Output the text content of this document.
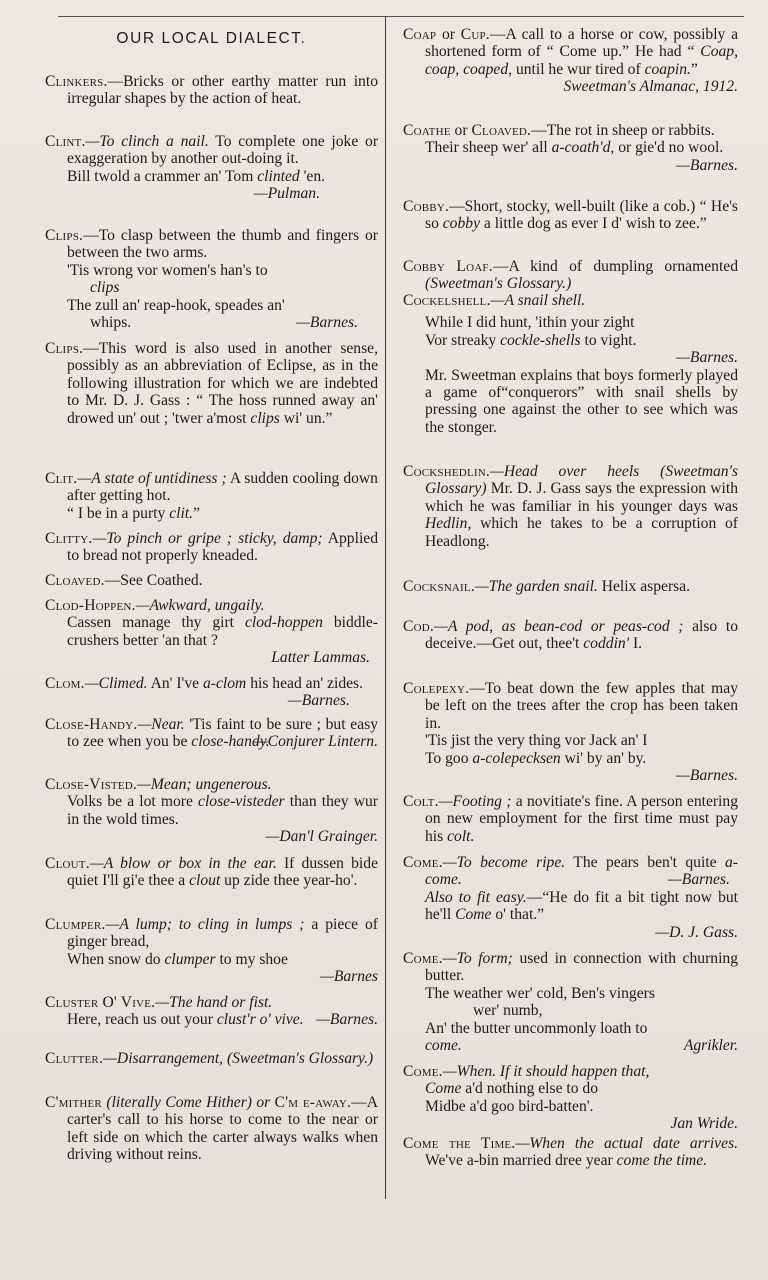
OUR LOCAL DIALECT.

Clinkers.—Bricks or other earthy matter run into irregular shapes by the action of heat.

Clint.—To clinch a nail. To complete one joke or exaggeration by another out-doing it.

Bill twold a crammer an' Tom clinted 'en.
—Pulman.

Clips.—To clasp between the thumb and fingers or between the two arms.

'Tis wrong vor women's han's to

clips

The zull an' reap-hook, speades an'

whips.	—Barnes.

Clips.—This word is also used in another sense, possibly as an abbreviation of Eclipse, as in the following illustration for which we are indebted to Mr. D. J. Gass : “ The hoss runned away an' drowed un' out ; 'twer a'most clips wi' un.”

Clit.—A state of untidiness ; A sudden cooling down after getting hot.

“ I be in a purty clit.”

Clitty.—To pinch or gripe ; sticky, damp; Applied to bread not properly kneaded.

Cloaved.—See Coathed.

Clod-Hoppen.—Awkward, ungaily.

Cassen manage thy girt clod-hoppen biddle-crushers better 'an that ?

Latter Lammas.

Clom.—Climed. An' I've a-clom his head an' zides.
—Barnes.

Close-Handy.—Near. 'Tis faint to be sure ; but easy to zee when you be close-handy.
—Conjurer Lintern.

Close-Visted.—Mean; ungenerous.

Volks be a lot more close-visteder than they wur in the wold times.

—Dan'l Grainger.

Clout.—A blow or box in the ear. If dussen bide quiet I'll gi'e thee a clout up zide thee year-ho'.

Clumper.—A lump; to cling in lumps ; a piece of ginger bread,

When snow do clumper to my shoe

—Barnes

Cluster O' Vive.—The hand or fist.

Here, reach us out your clust'r o' vive. —Barnes.

Clutter.—Disarrangement, (Sweetman's Glossary.)

C'mither (literally Come Hither) or C'm e-away.—A carter's call to his horse to come to the near or left side on which the carter always walks when driving without reins.

Coap or Cup.—A call to a horse or cow, possibly a shortened form of “ Come up.” He had “ Coap, coap, coaped, until he wur tired of coapin.”

Sweetman's Almanac, 1912.

Coathe or Cloaved.—The rot in sheep or rabbits.

Their sheep wer' all a-coath'd, or gie'd no wool.
—Barnes.

Cobby.—Short, stocky, well-built (like a cob.) “ He's so cobby a little dog as ever I d' wish to zee.”

Cobby Loaf.—A kind of dumpling ornamented (Sweetman's Glossary.)

Cockelshell.—A snail shell.

While I did hunt, 'ithin your zight

Vor streaky cockle-shells to vight.

—Barnes.

Mr. Sweetman explains that boys formerly played a game of“conquerors” with snail shells by pressing one against the other to see which was the stonger.

Cockshedlin.—Head over heels (Sweetman's Glossary) Mr. D. J. Gass says the expression with which he was familiar in his younger days was Hedlin, which he takes to be a corruption of Headlong.

Cocksnail.—The garden snail. Helix aspersa.

Cod.—A pod, as bean-cod or peas-cod ; also to deceive.—Get out, thee't coddin' I.

Colepexy.—To beat down the few apples that may be left on the trees after the crop has been taken in.

'Tis jist the very thing vor Jack an' I

To goo a-colepecksen wi' by an' by.

—Barnes.

Colt.—Footing ; a novitiate's fine. A person entering on new employment for the first time must pay his colt.

Come.—To become ripe. The pears ben't quite a-come.	—Barnes.

Also to fit easy.—“He do fit a bit tight now but he'll Come o' that.”

—D. J. Gass.

Come.—To form; used in connection with churning butter.

The weather wer' cold, Ben's vingers

wer' numb,

An' the butter uncommonly loath to

come.	Agrikler.

Come.—When. If it should happen that,

Come a'd nothing else to do

Midbe a'd goo bird-batten'.

Jan Wride.

Come the Time.—When the actual date arrives. We've a-bin married dree year come the time.
